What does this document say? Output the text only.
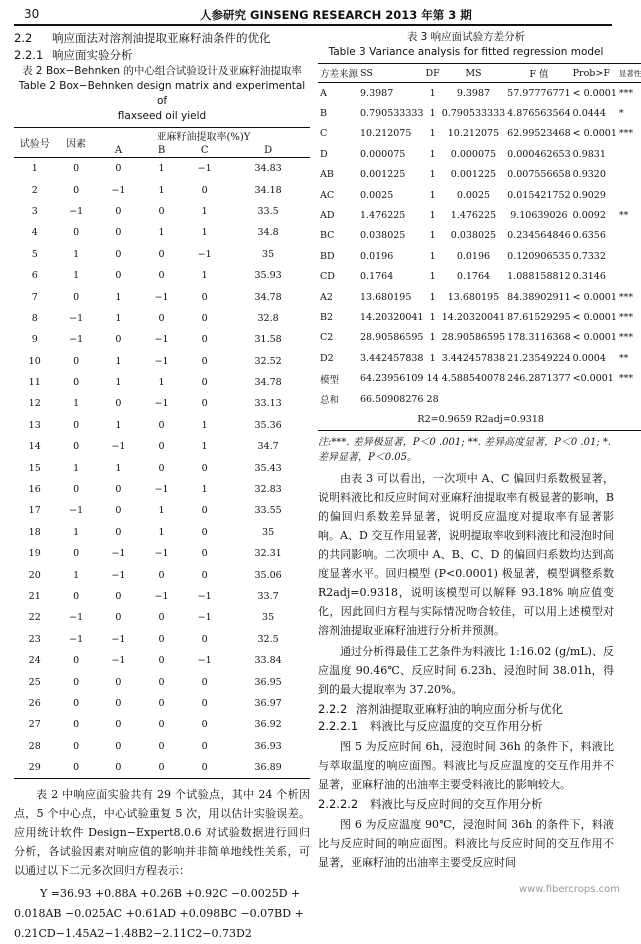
30	人参研究 GINSENG RESEARCH 2013 年第 3 期
2.2 响应面法对溶剂油提取亚麻籽油条件的优化
2.2.1 响应面实验分析
表 2 Box−Behnken 的中心组合试验设计及亚麻籽油提取率
Table 2 Box−Behnken design matrix and experimental of
flaxseed oil yield
试验号	因素	亚麻籽油提取率(%)Y			
		A	B	C	D
1	0	0	1	−1	34.83
2	0	−1	1	0	34.18
3	−1	0	0	1	33.5
4	0	0	1	1	34.8
5	1	0	0	−1	35
6	1	0	0	1	35.93
7	0	1	−1	0	34.78
8	−1	1	0	0	32.8
9	−1	0	−1	0	31.58
10	0	1	−1	0	32.52
11	0	1	1	0	34.78
12	1	0	−1	0	33.13
13	0	1	0	1	35.36
14	0	−1	0	1	34.7
15	1	1	0	0	35.43
16	0	0	−1	1	32.83
17	−1	0	1	0	33.55
18	1	0	1	0	35
19	0	−1	−1	0	32.31
20	1	−1	0	0	35.06
21	0	0	−1	−1	33.7
22	−1	0	0	−1	35
23	−1	−1	0	0	32.5
24	0	−1	0	−1	33.84
25	0	0	0	0	36.95
26	0	0	0	0	36.97
27	0	0	0	0	36.92
28	0	0	0	0	36.93
29	0	0	0	0	36.89

表 2 中响应面实验共有 29 个试验点，其中 24 个析因点，5 个中心点，中心试验重复 5 次，用以估计实验误差。应用统计软件 Design−Expert8.0.6 对试验数据进行回归分析，各试验因素对响应值的影响并非简单地线性关系，可以通过以下二元多次回归方程表示：

Y =36.93 +0.88A +0.26B +0.92C −0.0025D +
0.018AB −0.025AC +0.61AD +0.098BC −0.07BD +
0.21CD−1.45A2−1.48B2−2.11C2−0.73D2
表 3 响应面试验方差分析
Table 3 Variance analysis for fitted regression model
方差来源	SS	DF	MS	F 值	Prob>F	显著性
A	9.3987	1	9.3987	57.97776771	< 0.0001	***
B	0.790533333	1	0.790533333	4.876563564	0.0444	*
C	10.212075	1	10.212075	62.99523468	< 0.0001	***
D	0.000075	1	0.000075	0.000462653	0.9831	
AB	0.001225	1	0.001225	0.007556658	0.9320	
AC	0.0025	1	0.0025	0.015421752	0.9029	
AD	1.476225	1	1.476225	9.10639026	0.0092	**
BC	0.038025	1	0.038025	0.234564846	0.6356	
BD	0.0196	1	0.0196	0.120906535	0.7332	
CD	0.1764	1	0.1764	1.088158812	0.3146	
A2	13.680195	1	13.680195	84.38902911	< 0.0001	***
B2	14.20320041	1	14.20320041	87.61529295	< 0.0001	***
C2	28.90586595	1	28.90586595	178.3116368	< 0.0001	***
D2	3.442457838	1	3.442457838	21.23549224	0.0004	**
模型	64.23956109	14	4.588540078	246.2871377	<0.0001	***
总和	66.50908276	28				
R2=0.9659 R2adj=0.9318						
注:***. 差异极显著，P＜0 .001; **. 差异高度显著，P＜0 .01; *. 差异显著，P＜0.05。

由表 3 可以看出，一次项中 A、C 偏回归系数极显著，说明料液比和反应时间对亚麻籽油提取率有极显著的影响，B 的偏回归系数差异显著，说明反应温度对提取率有显著影响。A、D 交互作用显著，说明提取率收到料液比和浸泡时间的共同影响。二次项中 A、B、C、D 的偏回归系数均达到高度显著水平。回归模型 (P<0.0001) 极显著，模型调整系数 R2adj=0.9318，说明该模型可以解释 93.18% 响应值变化，因此回归方程与实际情况吻合较佳，可以用上述模型对溶剂油提取亚麻籽油进行分析并预测。

通过分析得最佳工艺条件为料液比 1:16.02 (g/mL)、反应温度 90.46℃、反应时间 6.23h、浸泡时间 38.01h，得到的最大提取率为 37.20%。

2.2.2 溶剂油提取亚麻籽油的响应面分析与优化
2.2.2.1 料液比与反应温度的交互作用分析

图 5 为反应时间 6h，浸泡时间 36h 的条件下，料液比与萃取温度的响应面图。料液比与反应温度的交互作用并不显著，亚麻籽油的出油率主要受料液比的影响较大。

2.2.2.2 料液比与反应时间的交互作用分析

图 6 为反应温度 90℃，浸泡时间 36h 的条件下，料液比与反应时间的响应面图。料液比与反应时间的交互作用不显著，亚麻籽油的出油率主要受反应时间

www.fibercrops.com
